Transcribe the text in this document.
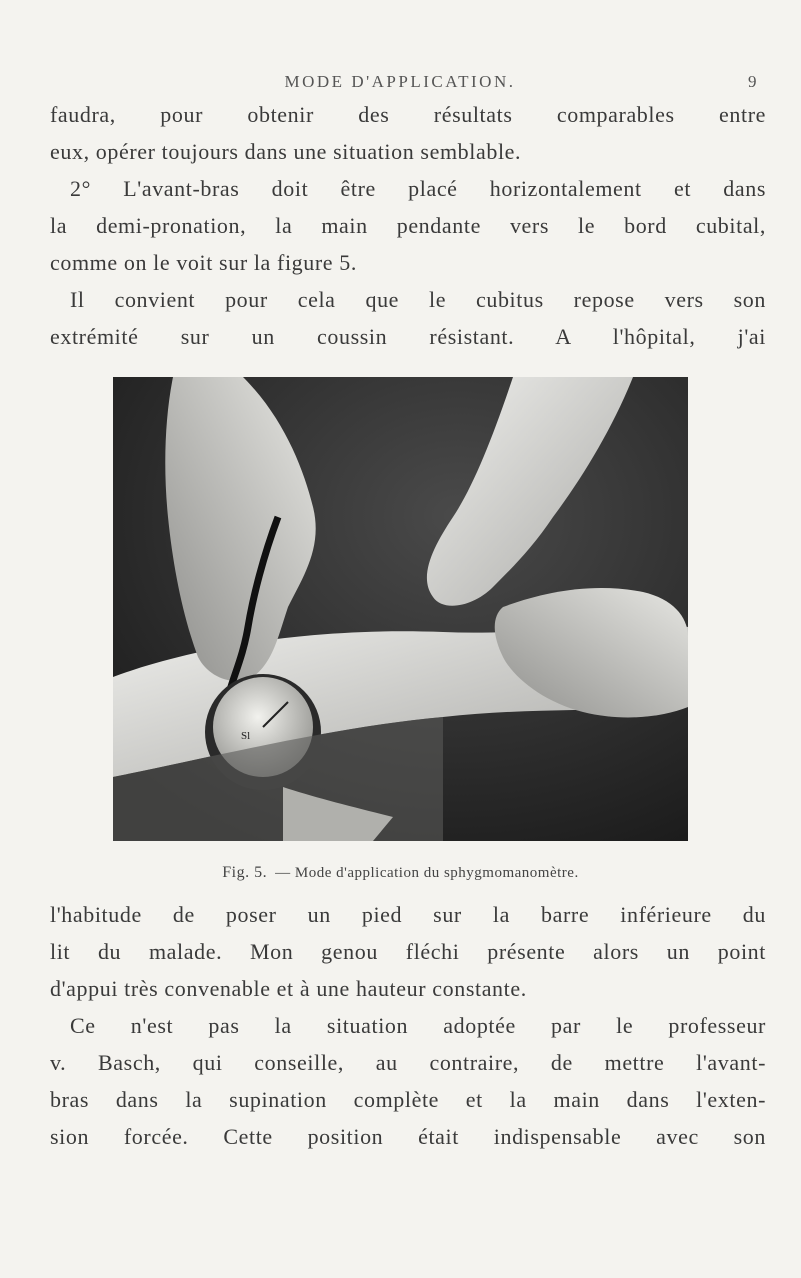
MODE D'APPLICATION.	9
faudra, pour obtenir des résultats comparables entre
eux, opérer toujours dans une situation semblable.
2° L'avant-bras doit être placé horizontalement et dans
la demi-pronation, la main pendante vers le bord cubital,
comme on le voit sur la figure 5.
Il convient pour cela que le cubitus repose vers son
extrémité sur un coussin résistant. A l'hôpital, j'ai
Sl
Fig. 5. — Mode d'application du sphygmomanomètre.
l'habitude de poser un pied sur la barre inférieure du
lit du malade. Mon genou fléchi présente alors un point
d'appui très convenable et à une hauteur constante.
Ce n'est pas la situation adoptée par le professeur
v. Basch, qui conseille, au contraire, de mettre l'avant-
bras dans la supination complète et la main dans l'exten-
sion forcée. Cette position était indispensable avec son
